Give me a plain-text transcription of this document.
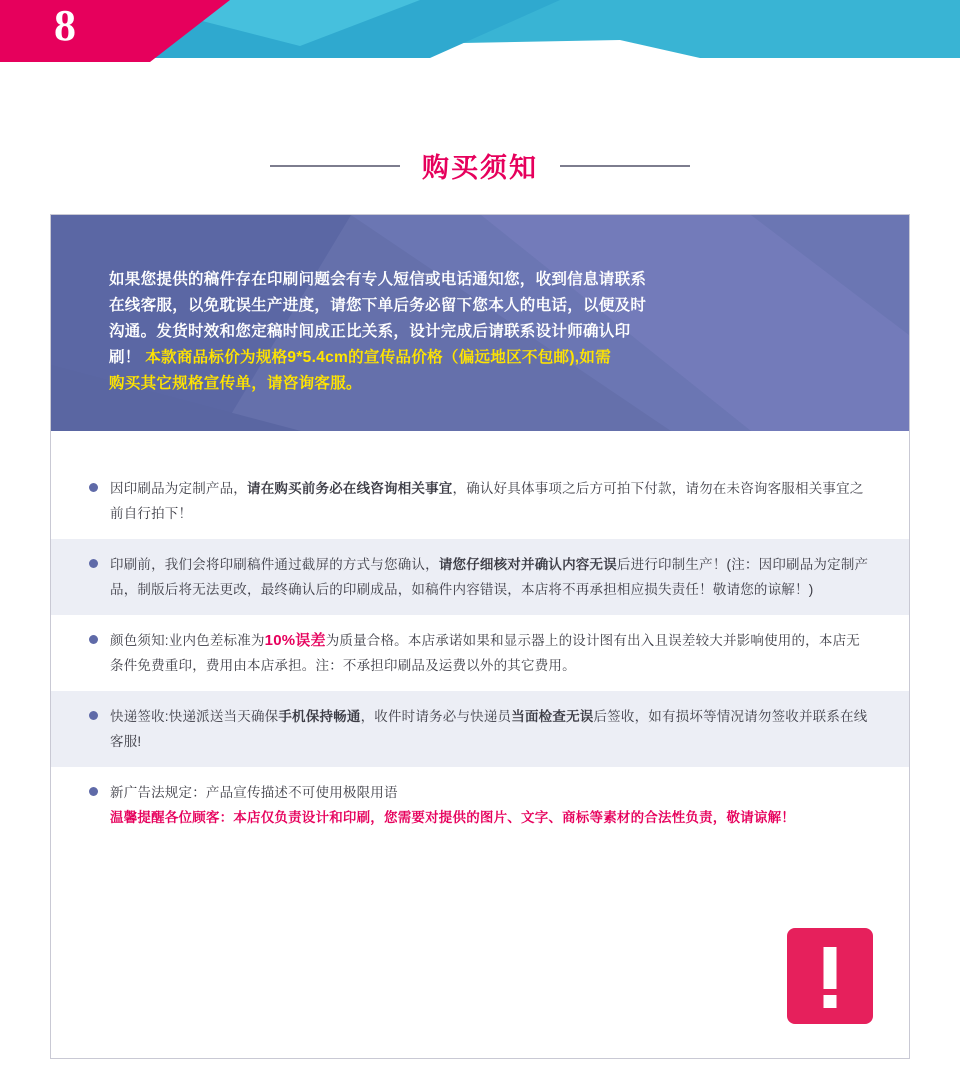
8
购买须知
如果您提供的稿件存在印刷问题会有专人短信或电话通知您，收到信息请联系
在线客服，以免耽误生产进度，请您下单后务必留下您本人的电话，以便及时
沟通。发货时效和您定稿时间成正比关系，设计完成后请联系设计师确认印
刷！ 本款商品标价为规格9*5.4cm的宣传品价格（偏远地区不包邮),如需
购买其它规格宣传单，请咨询客服。
因印刷品为定制产品，请在购买前务必在线咨询相关事宜，确认好具体事项之后方可拍下付款，请勿在未咨询客服相关事宜之前自行拍下！
印刷前，我们会将印刷稿件通过截屏的方式与您确认，请您仔细核对并确认内容无误后进行印制生产！(注：因印刷品为定制产品，制版后将无法更改，最终确认后的印刷成品，如稿件内容错误，本店将不再承担相应损失责任！敬请您的谅解！)
颜色须知:业内色差标准为10%误差为质量合格。本店承诺如果和显示器上的设计图有出入且误差较大并影响使用的，本店无条件免费重印，费用由本店承担。注：不承担印刷品及运费以外的其它费用。
快递签收:快递派送当天确保手机保持畅通，收件时请务必与快递员当面检查无误后签收，如有损坏等情况请勿签收并联系在线客服!
新广告法规定：产品宣传描述不可使用极限用语
温馨提醒各位顾客：本店仅负责设计和印刷，您需要对提供的图片、文字、商标等素材的合法性负责，敬请谅解！
